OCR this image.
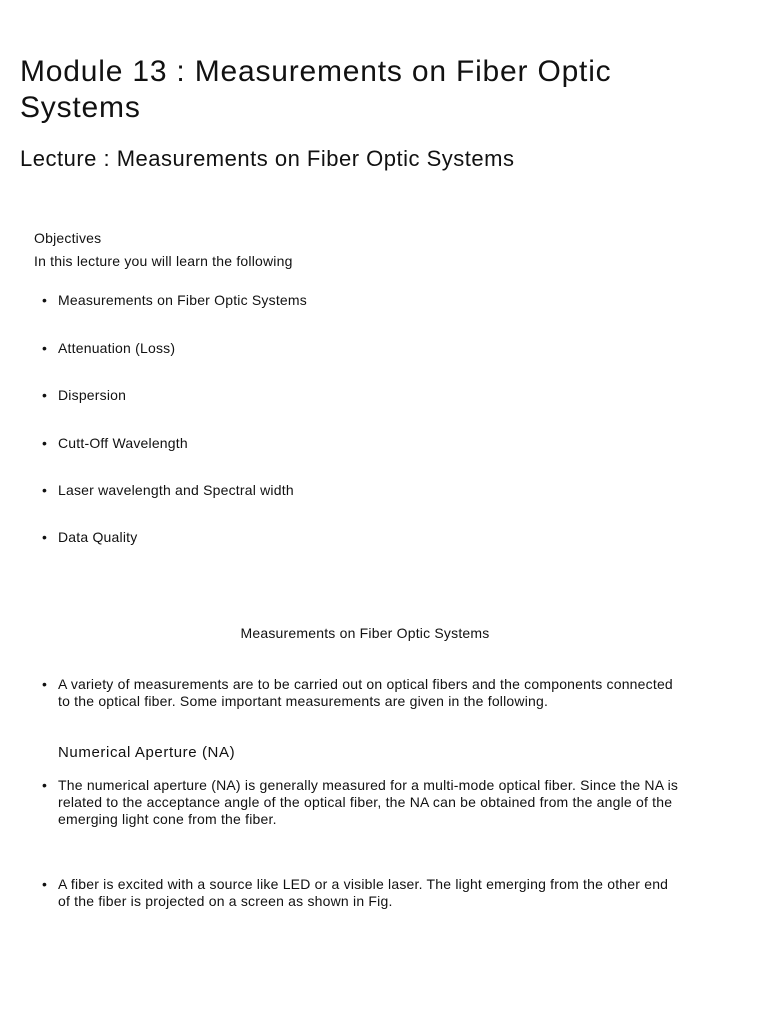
Module 13 : Measurements on Fiber Optic Systems
Lecture : Measurements on Fiber Optic Systems
Objectives
In this lecture you will learn the following
• Measurements on Fiber Optic Systems
• Attenuation (Loss)
• Dispersion
• Cutt-Off Wavelength
• Laser wavelength and Spectral width
• Data Quality
Measurements on Fiber Optic Systems
• A variety of measurements are to be carried out on optical fibers and the components connected to the optical fiber. Some important measurements are given in the following.
Numerical Aperture (NA)
• The numerical aperture (NA) is generally measured for a multi-mode optical fiber. Since the NA is related to the acceptance angle of the optical fiber, the NA can be obtained from the angle of the emerging light cone from the fiber.
• A fiber is excited with a source like LED or a visible laser. The light emerging from the other end of the fiber is projected on a screen as shown in Fig.
